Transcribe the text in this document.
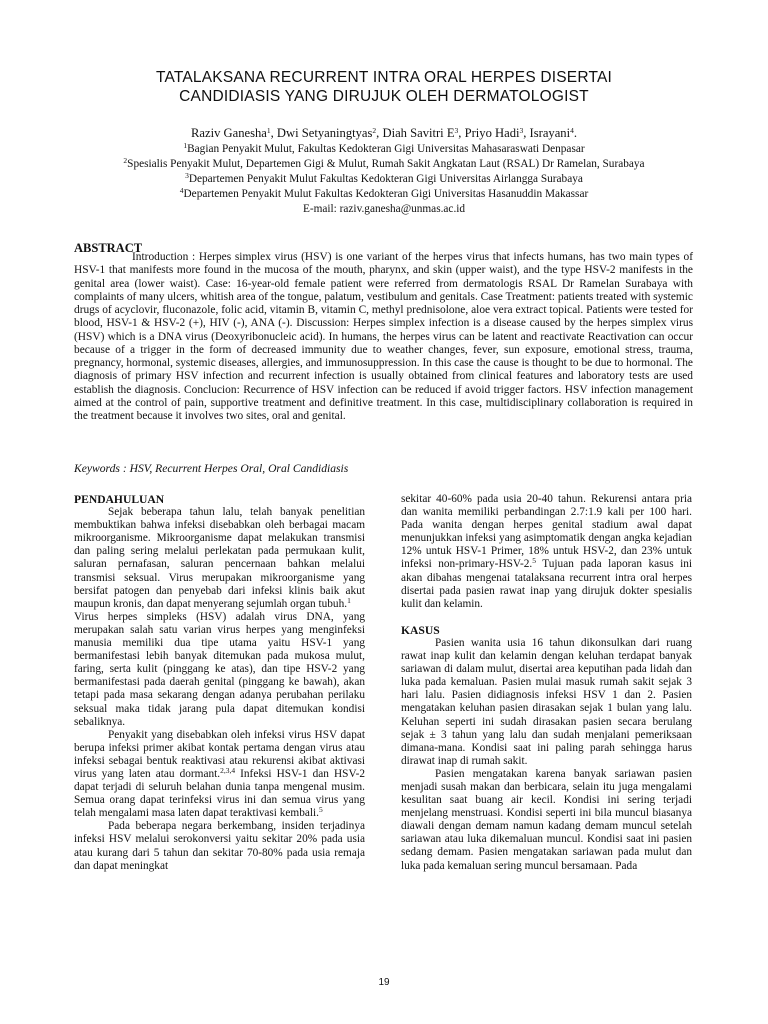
TATALAKSANA RECURRENT INTRA ORAL HERPES DISERTAI
CANDIDIASIS YANG DIRUJUK OLEH DERMATOLOGIST
Raziv Ganesha$^1$, Dwi Setyaningtyas$^2$, Diah Savitri $E^3$, Priyo Hadi$^3$, Israyani$^4$.
$^1$Bagian Penyakit Mulut, Fakultas Kedokteran Gigi Universitas Mahasaraswati Denpasar
$^2$Spesialis Penyakit Mulut, Departemen Gigi & Mulut, Rumah Sakit Angkatan Laut (RSAL) Dr Ramelan, Surabaya
$^3$Departemen Penyakit Mulut Fakultas Kedokteran Gigi Universitas Airlangga Surabaya
$^4$Departemen Penyakit Mulut Fakultas Kedokteran Gigi Universitas Hasanuddin Makassar
E-mail: raziv.ganesha@unmas.ac.id
ABSTRACT
Introduction : Herpes simplex virus (HSV) is one variant of the herpes virus that infects humans, has two main types of HSV-1 that manifests more found in the mucosa of the mouth, pharynx, and skin (upper waist), and the type HSV-2 manifests in the genital area (lower waist). Case: 16-year-old female patient were referred from dermatologis RSAL Dr Ramelan Surabaya with complaints of many ulcers, whitish area of the tongue, palatum, vestibulum and genitals. Case Treatment: patients treated with systemic drugs of acyclovir, fluconazole, folic acid, vitamin B, vitamin C, methyl prednisolone, aloe vera extract topical. Patients were tested for blood, HSV-1 & HSV-2 (+), HIV (-), ANA (-). Discussion: Herpes simplex infection is a disease caused by the herpes simplex virus (HSV) which is a DNA virus (Deoxyribonucleic acid). In humans, the herpes virus can be latent and reactivate Reactivation can occur because of a trigger in the form of decreased immunity due to weather changes, fever, sun exposure, emotional stress, trauma, pregnancy, hormonal, systemic diseases, allergies, and immunosuppression. In this case the cause is thought to be due to hormonal. The diagnosis of primary HSV infection and recurrent infection is usually obtained from clinical features and laboratory tests are used establish the diagnosis. Conclucion: Recurrence of HSV infection can be reduced if avoid trigger factors. HSV infection management aimed at the control of pain, supportive treatment and definitive treatment. In this case, multidisciplinary collaboration is required in the treatment because it involves two sites, oral and genital.
Keywords : HSV, Recurrent Herpes Oral, Oral Candidiasis
PENDAHULUAN

Sejak beberapa tahun lalu, telah banyak penelitian membuktikan bahwa infeksi disebabkan oleh berbagai macam mikroorganisme. Mikroorganisme dapat melakukan transmisi dan paling sering melalui perlekatan pada permukaan kulit, saluran pernafasan, saluran pencernaan bahkan melalui transmisi seksual. Virus merupakan mikroorganisme yang bersifat patogen dan penyebab dari infeksi klinis baik akut maupun kronis, dan dapat menyerang sejumlah organ tubuh.$^1$

Virus herpes simpleks (HSV) adalah virus DNA, yang merupakan salah satu varian virus herpes yang menginfeksi manusia memiliki dua tipe utama yaitu HSV-1 yang bermanifestasi lebih banyak ditemukan pada mukosa mulut, faring, serta kulit (pinggang ke atas), dan tipe HSV-2 yang bermanifestasi pada daerah genital (pinggang ke bawah), akan tetapi pada masa sekarang dengan adanya perubahan perilaku seksual maka tidak jarang pula dapat ditemukan kondisi sebaliknya.

Penyakit yang disebabkan oleh infeksi virus HSV dapat berupa infeksi primer akibat kontak pertama dengan virus atau infeksi sebagai bentuk reaktivasi atau rekurensi akibat aktivasi virus yang laten atau dormant.$^{2,3,4}$ Infeksi HSV-1 dan HSV-2 dapat terjadi di seluruh belahan dunia tanpa mengenal musim. Semua orang dapat terinfeksi virus ini dan semua virus yang telah mengalami masa laten dapat teraktivasi kembali.$^5$

Pada beberapa negara berkembang, insiden terjadinya infeksi HSV melalui serokonversi yaitu sekitar 20% pada usia atau kurang dari 5 tahun dan sekitar 70-80% pada usia remaja dan dapat meningkat

sekitar 40-60% pada usia 20-40 tahun. Rekurensi antara pria dan wanita memiliki perbandingan 2.7:1.9 kali per 100 hari. Pada wanita dengan herpes genital stadium awal dapat menunjukkan infeksi yang asimptomatik dengan angka kejadian 12% untuk HSV-1 Primer, 18% untuk HSV-2, dan 23% untuk infeksi non-primary-HSV-2.$^5$ Tujuan pada laporan kasus ini akan dibahas mengenai tatalaksana recurrent intra oral herpes disertai pada pasien rawat inap yang dirujuk dokter spesialis kulit dan kelamin.

KASUS

Pasien wanita usia 16 tahun dikonsulkan dari ruang rawat inap kulit dan kelamin dengan keluhan terdapat banyak sariawan di dalam mulut, disertai area keputihan pada lidah dan luka pada kemaluan. Pasien mulai masuk rumah sakit sejak 3 hari lalu. Pasien didiagnosis infeksi HSV 1 dan 2. Pasien mengatakan keluhan pasien dirasakan sejak 1 bulan yang lalu. Keluhan seperti ini sudah dirasakan pasien secara berulang sejak ± 3 tahun yang lalu dan sudah menjalani pemeriksaan dimana-mana. Kondisi saat ini paling parah sehingga harus dirawat inap di rumah sakit.

Pasien mengatakan karena banyak sariawan pasien menjadi susah makan dan berbicara, selain itu juga mengalami kesulitan saat buang air kecil. Kondisi ini sering terjadi menjelang menstruasi. Kondisi seperti ini bila muncul biasanya diawali dengan demam namun kadang demam muncul setelah sariawan atau luka dikemaluan muncul. Kondisi saat ini pasien sedang demam. Pasien mengatakan sariawan pada mulut dan luka pada kemaluan sering muncul bersamaan. Pada

19
